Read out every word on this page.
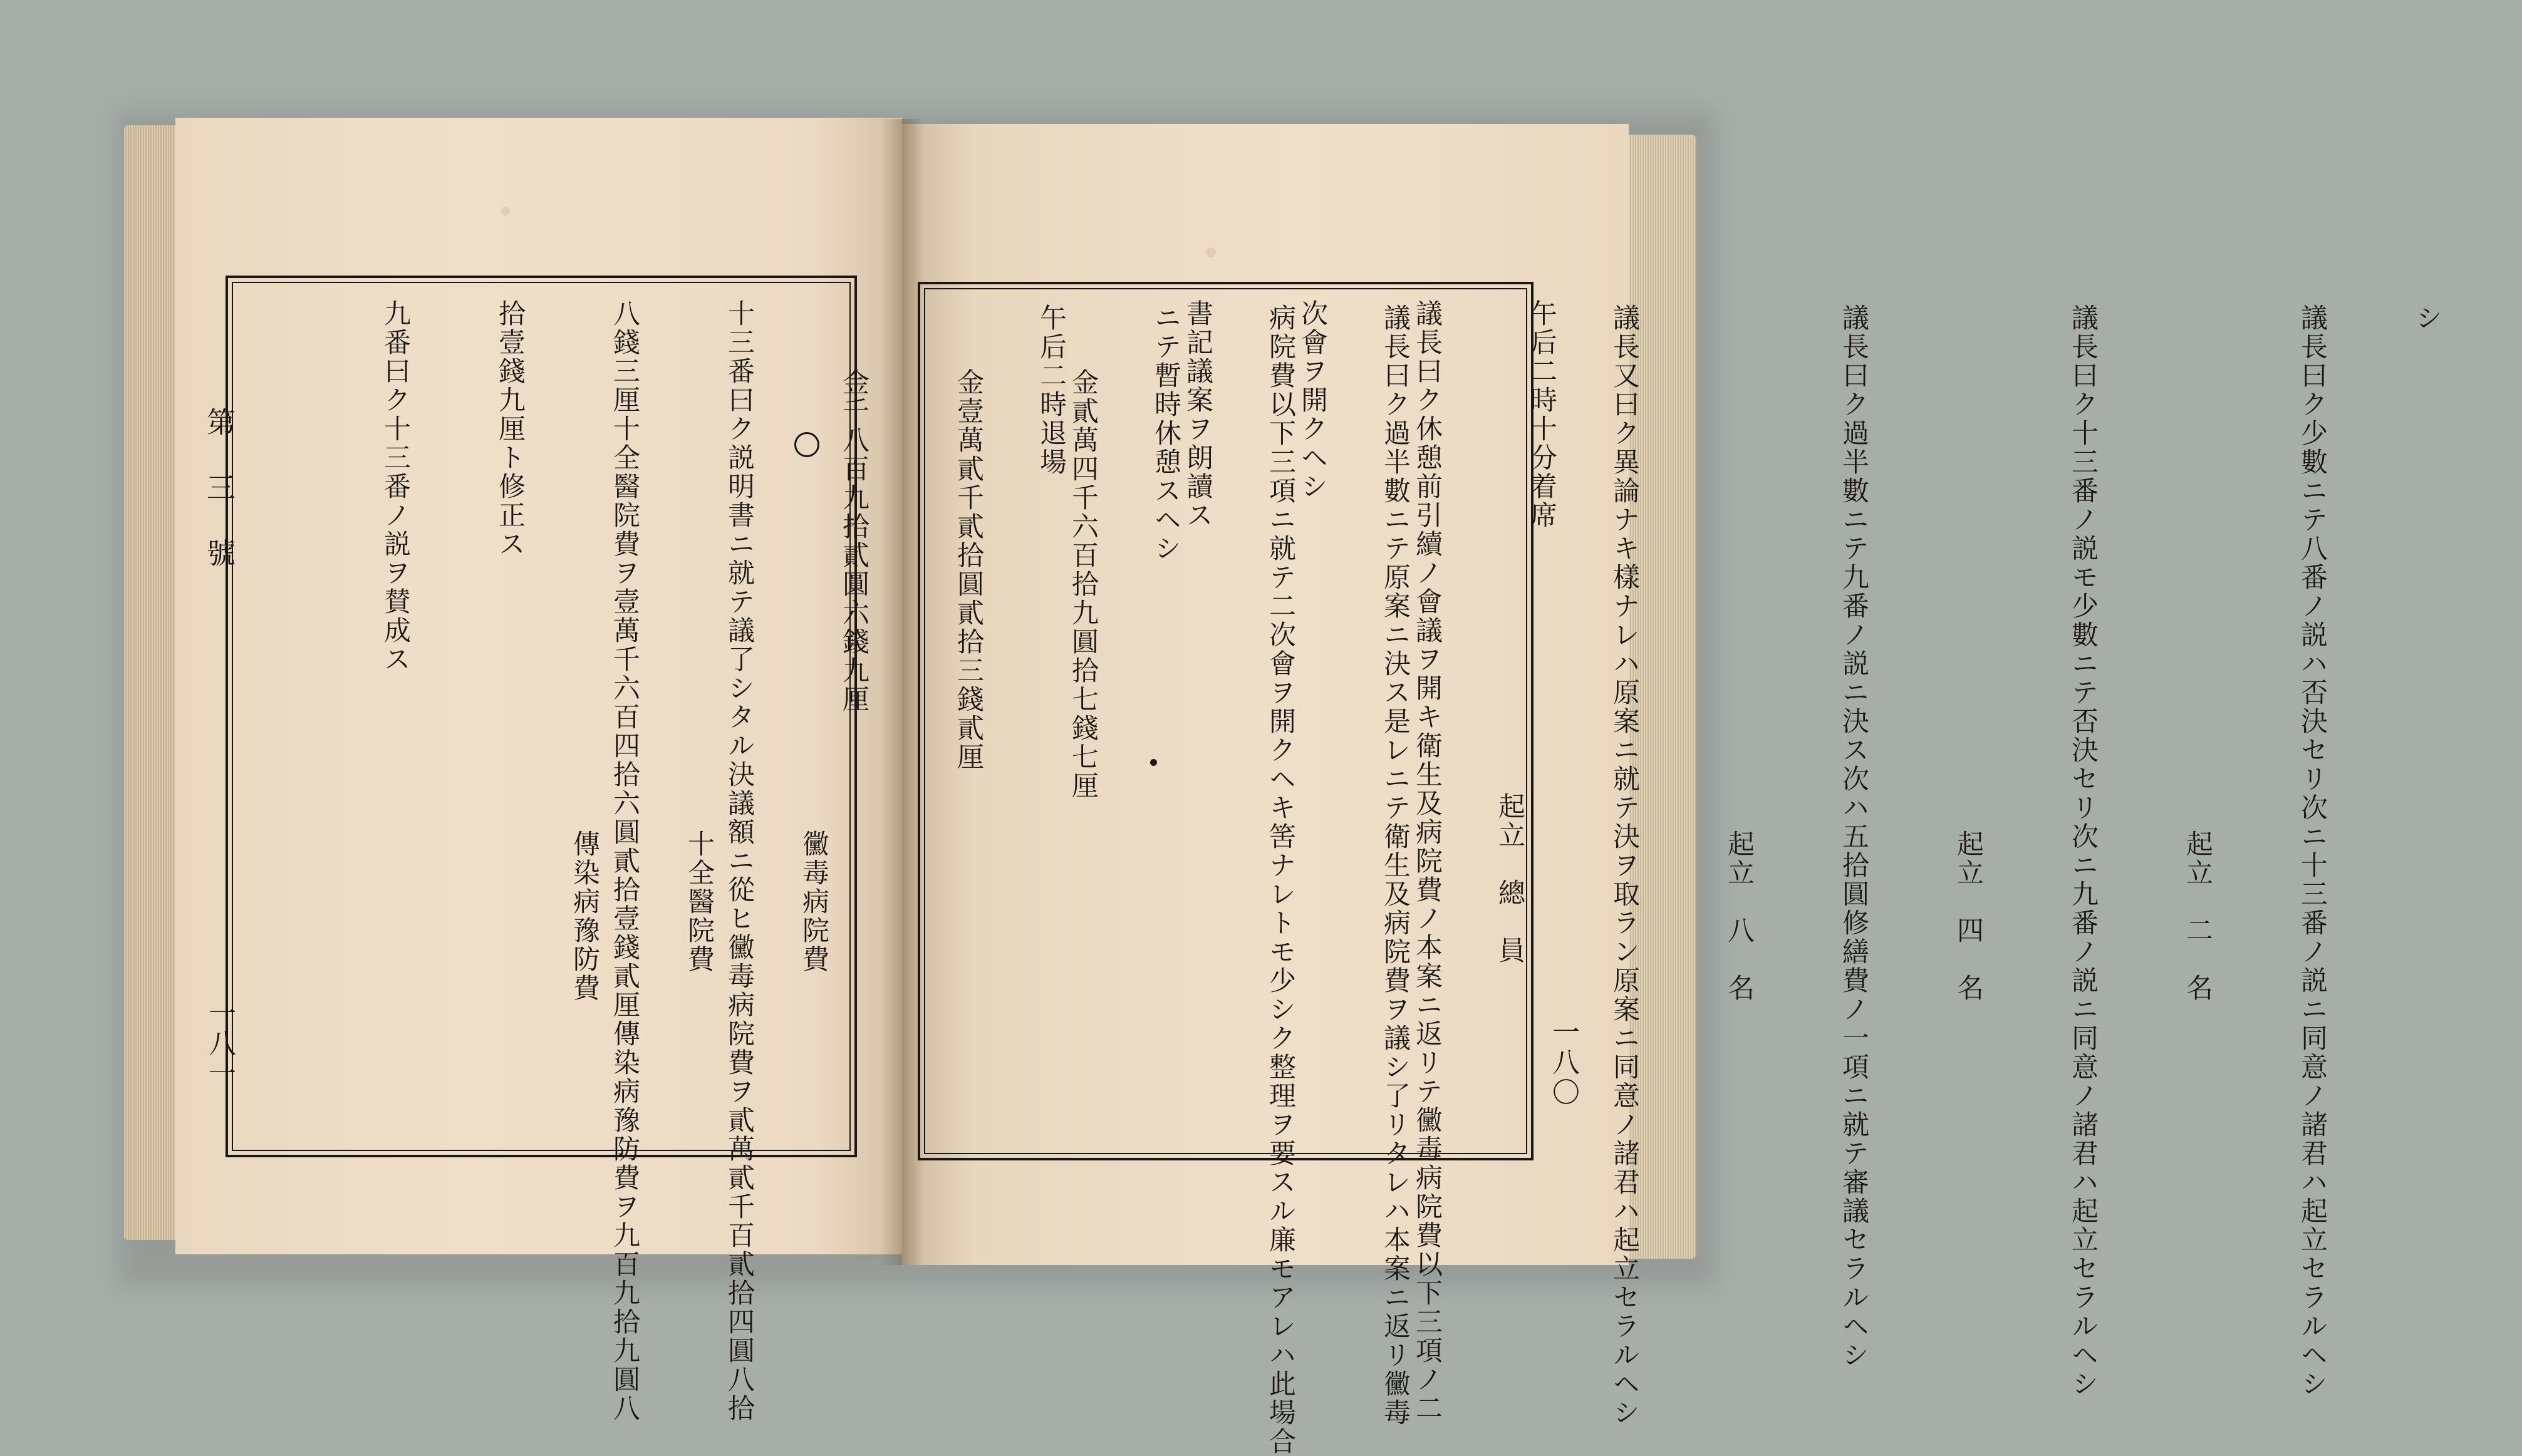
第 三 號
一八一

午后二時十分着席

議長曰ク休憩前引續ノ會議ヲ開キ衛生及病院費ノ本案ニ返リテ黴毒病院費以下三項ノ二

次會ヲ開クヘシ

書記議案ヲ朗讀ス

金貳萬四千六百拾九圓拾七錢七厘

金壹萬貳千貳拾圓貳拾三錢貳厘

金千八百九拾貳圓六錢九厘

十三番曰ク説明書ニ就テ議了シタル決議額ニ從ヒ黴毒病院費ヲ貳萬貳千百貳拾四圓八拾

八錢三厘十全醫院費ヲ壹萬千六百四拾六圓貳拾壹錢貳厘傳染病豫防費ヲ九百九拾九圓八

拾壹錢九厘ト修正ス

九番曰ク十三番ノ説ヲ賛成ス

黴毒病院費

十全醫院費

傳染病豫防費

一八〇

シ

議長曰ク少數ニテ八番ノ説ハ否決セリ次ニ十三番ノ説ニ同意ノ諸君ハ起立セラルヘシ

起立　二　名

議長曰ク十三番ノ説モ少數ニテ否決セリ次ニ九番ノ説ニ同意ノ諸君ハ起立セラルヘシ

起立　四　名

議長曰ク過半數ニテ九番ノ説ニ決ス次ハ五拾圓修繕費ノ一項ニ就テ審議セラルヘシ

起立　八　名

議長又曰ク異論ナキ樣ナレハ原案ニ就テ決ヲ取ラン原案ニ同意ノ諸君ハ起立セラルヘシ

起立　總　員

議長曰ク過半數ニテ原案ニ決ス是レニテ衛生及病院費ヲ議シ了リタレハ本案ニ返リ黴毒

病院費以下三項ニ就テ二次會ヲ開クヘキ筈ナレトモ少シク整理ヲ要スル廉モアレハ此場合

ニテ暫時休憩スヘシ

午后二時退場
